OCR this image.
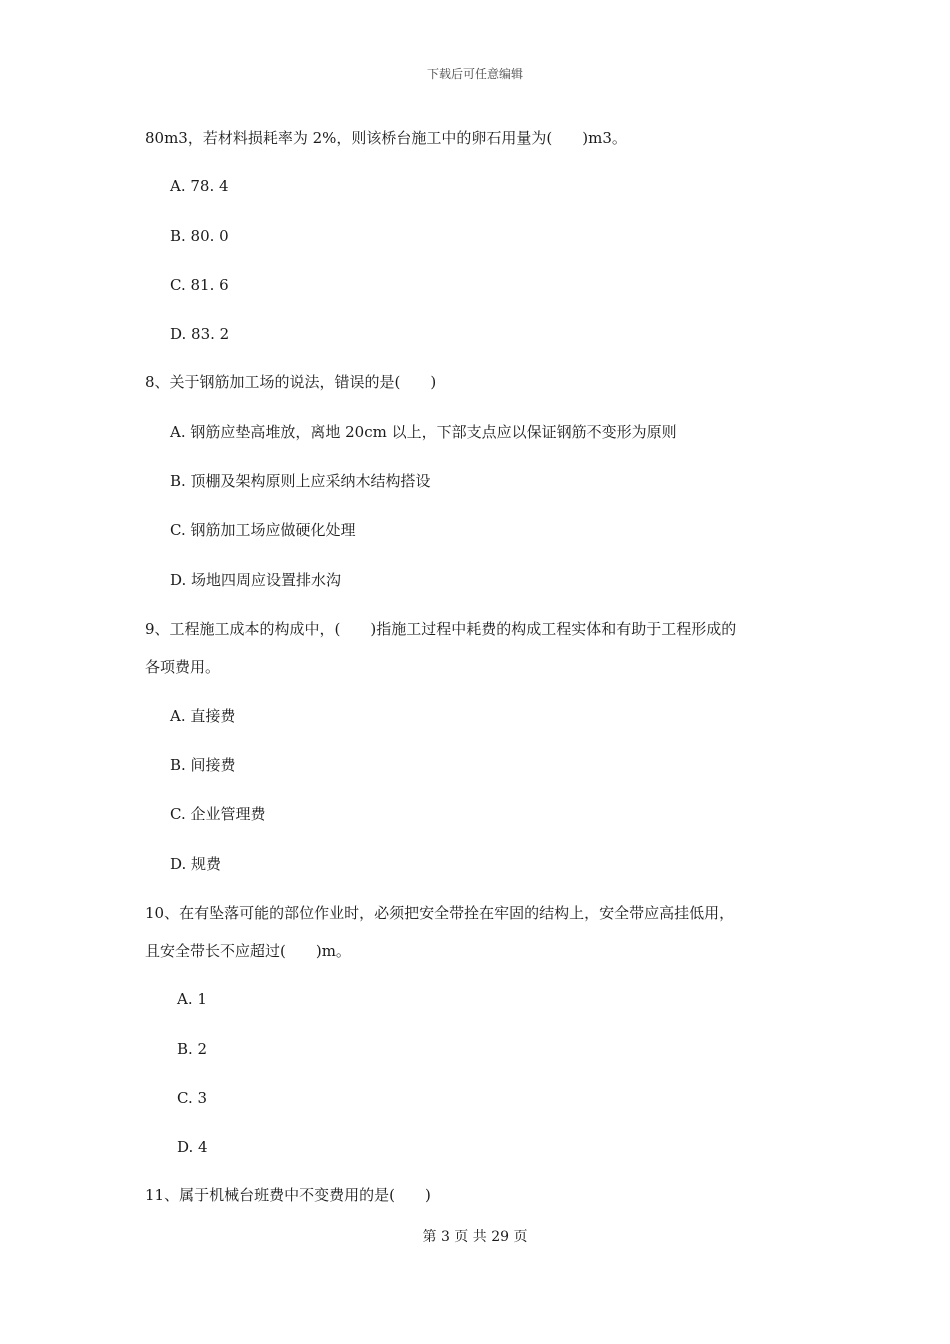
下载后可任意编辑
80m3，若材料损耗率为 2%，则该桥台施工中的卵石用量为(　　)m3。
A. 78. 4
B. 80. 0
C. 81. 6
D. 83. 2
8、关于钢筋加工场的说法，错误的是(　　)
A. 钢筋应垫高堆放，离地 20cm 以上，下部支点应以保证钢筋不变形为原则
B. 顶棚及架构原则上应采纳木结构搭设
C. 钢筋加工场应做硬化处理
D. 场地四周应设置排水沟
9、工程施工成本的构成中，(　　)指施工过程中耗费的构成工程实体和有助于工程形成的
各项费用。
A. 直接费
B. 间接费
C. 企业管理费
D. 规费
10、在有坠落可能的部位作业时，必须把安全带拴在牢固的结构上，安全带应高挂低用，
且安全带长不应超过(　　)m。
A. 1
B. 2
C. 3
D. 4
11、属于机械台班费中不变费用的是(　　)
第 3 页 共 29 页
